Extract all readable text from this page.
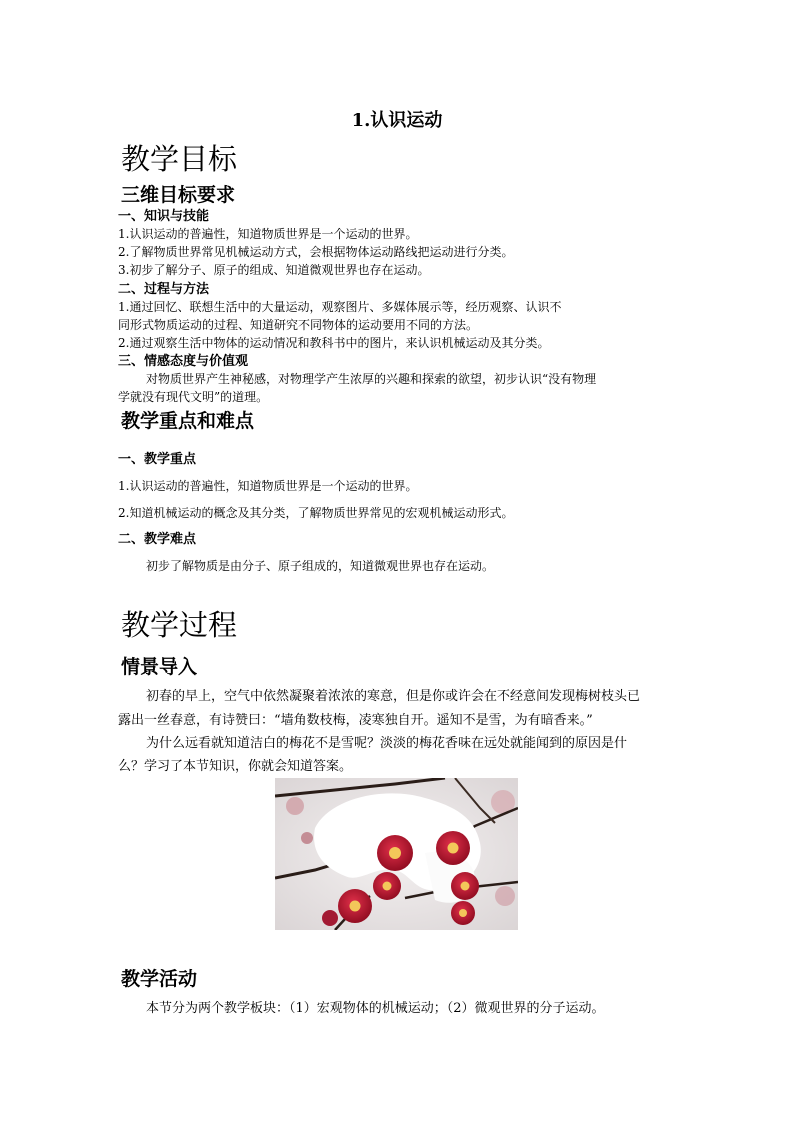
1.认识运动
教学目标
三维目标要求
一、知识与技能
1.认识运动的普遍性，知道物质世界是一个运动的世界。
2.了解物质世界常见机械运动方式，会根据物体运动路线把运动进行分类。
3.初步了解分子、原子的组成、知道微观世界也存在运动。
二、过程与方法
1.通过回忆、联想生活中的大量运动，观察图片、多媒体展示等，经历观察、认识不
同形式物质运动的过程、知道研究不同物体的运动要用不同的方法。
2.通过观察生活中物体的运动情况和教科书中的图片，来认识机械运动及其分类。
三、情感态度与价值观
对物质世界产生神秘感，对物理学产生浓厚的兴趣和探索的欲望，初步认识“没有物理
学就没有现代文明”的道理。
教学重点和难点
一、教学重点
1.认识运动的普遍性，知道物质世界是一个运动的世界。
2.知道机械运动的概念及其分类，了解物质世界常见的宏观机械运动形式。
二、教学难点
初步了解物质是由分子、原子组成的，知道微观世界也存在运动。
教学过程
情景导入
初春的早上，空气中依然凝聚着浓浓的寒意，但是你或许会在不经意间发现梅树枝头已
露出一丝春意，有诗赞曰：“墙角数枝梅，凌寒独自开。遥知不是雪，为有暗香来。”
为什么远看就知道洁白的梅花不是雪呢？淡淡的梅花香味在远处就能闻到的原因是什
么？学习了本节知识，你就会知道答案。
教学活动
本节分为两个教学板块：（1）宏观物体的机械运动；（2）微观世界的分子运动。
